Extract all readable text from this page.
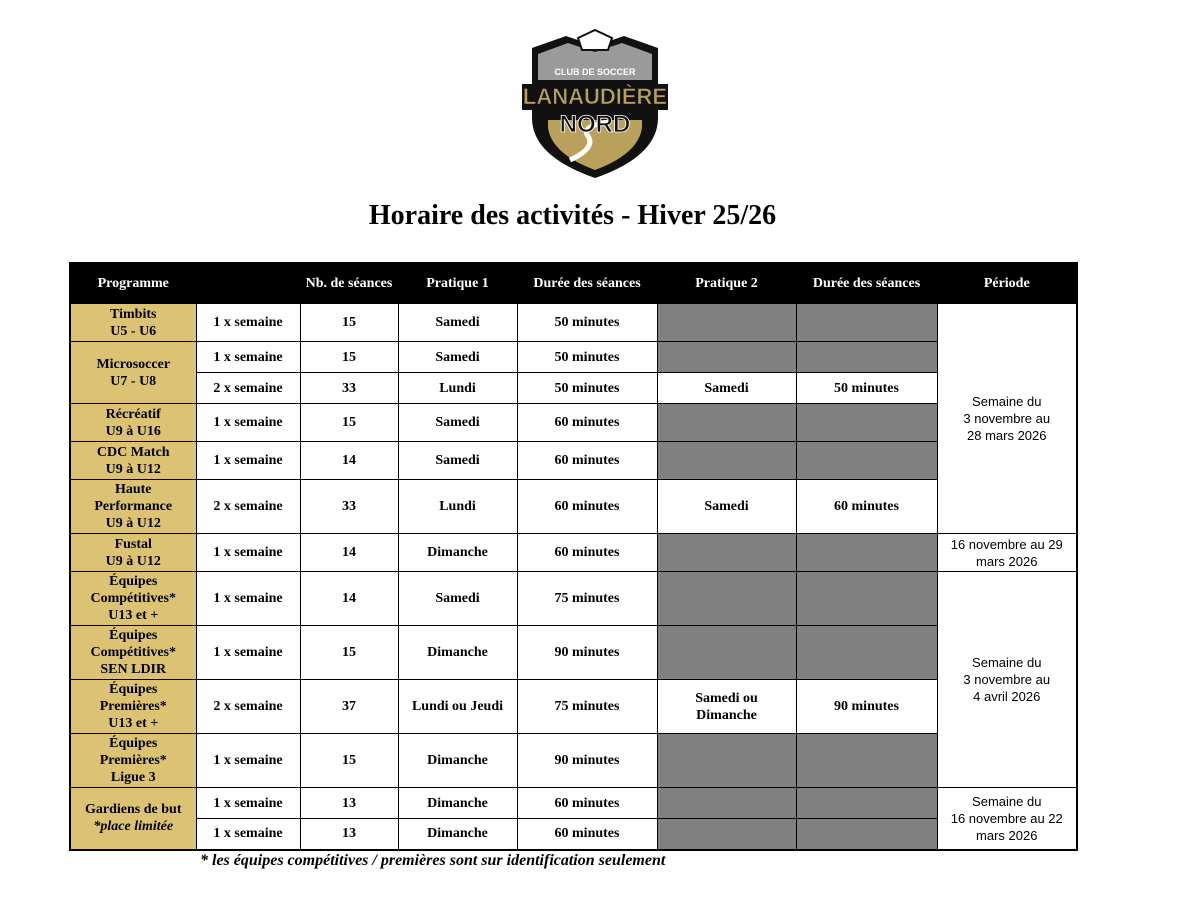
CLUB DE SOCCER
LANAUDIÈRE
NORD
Horaire des activités - Hiver 25/26
Programme		Nb. de séances	Pratique 1	Durée des séances	Pratique 2	Durée des séances	Période

Timbits
U5 - U6	1 x semaine	15	Samedi	50 minutes			Semaine du
3 novembre au
28 mars 2026

Microsoccer
U7 - U8	1 x semaine	15	Samedi	50 minutes			
	2 x semaine	33	Lundi	50 minutes	Samedi	50 minutes	

Récréatif
U9 à U16	1 x semaine	15	Samedi	60 minutes			

CDC Match
U9 à U12	1 x semaine	14	Samedi	60 minutes			

Haute
Performance
U9 à U12	2 x semaine	33	Lundi	60 minutes	Samedi	60 minutes	

Fustal
U9 à U12	1 x semaine	14	Dimanche	60 minutes			16 novembre au 29
mars 2026

Équipes
Compétitives*
U13 et +	1 x semaine	14	Samedi	75 minutes			Semaine du
3 novembre au
4 avril 2026

Équipes
Compétitives*
SEN LDIR	1 x semaine	15	Dimanche	90 minutes			

Équipes
Premières*
U13 et +	2 x semaine	37	Lundi ou Jeudi	75 minutes	Samedi ou
Dimanche	90 minutes	

Équipes
Premières*
Ligue 3	1 x semaine	15	Dimanche	90 minutes			

Gardiens de but
*place limitée	1 x semaine	13	Dimanche	60 minutes			Semaine du
16 novembre au 22
mars 2026

	1 x semaine	13	Dimanche	60 minutes			
* les équipes compétitives / premières sont sur identification seulement
